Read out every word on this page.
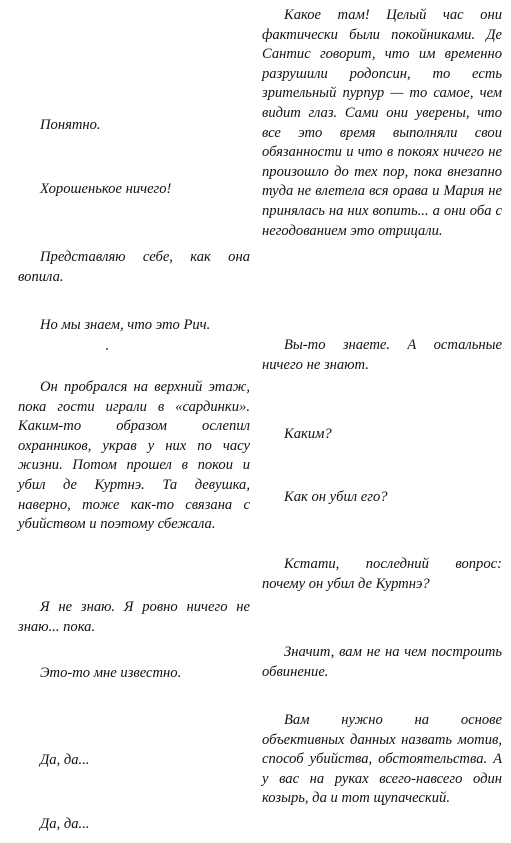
Понятно.

Хорошенькое ничего!

Представляю себе, как она вопила.

Но мы знаем, что это Рич.

Он пробрался на верхний этаж, пока гости играли в «сардинки». Каким-то образом ослепил охранников, украв у них по часу жизни. Потом прошел в покои и убил де Куртнэ. Та девушка, наверно, тоже как-то связана с убийством и поэтому сбежала.

Я не знаю. Я ровно ничего не знаю... пока.

Это-то мне известно.

Да, да...

Да, да...

Какое там! Целый час они фактически были покойниками. Де Сантис говорит, что им временно разрушили родопсин, то есть зрительный пурпур — то самое, чем видит глаз. Сами они уверены, что все это время выполняли свои обязанности и что в покоях ничего не произошло до тех пор, пока внезапно туда не влетела вся орава и Мария не принялась на них вопить... а они оба с негодованием это отрицали.

Вы-то знаете. А остальные ничего не знают.

Каким?

Как он убил его?

Кстати, последний вопрос: почему он убил де Куртнэ?

Значит, вам не на чем построить обвинение.

Вам нужно на основе объективных данных назвать мотив, способ убийства, обстоятельства. А у вас на руках всего-навсего один козырь, да и тот щупаческий.
